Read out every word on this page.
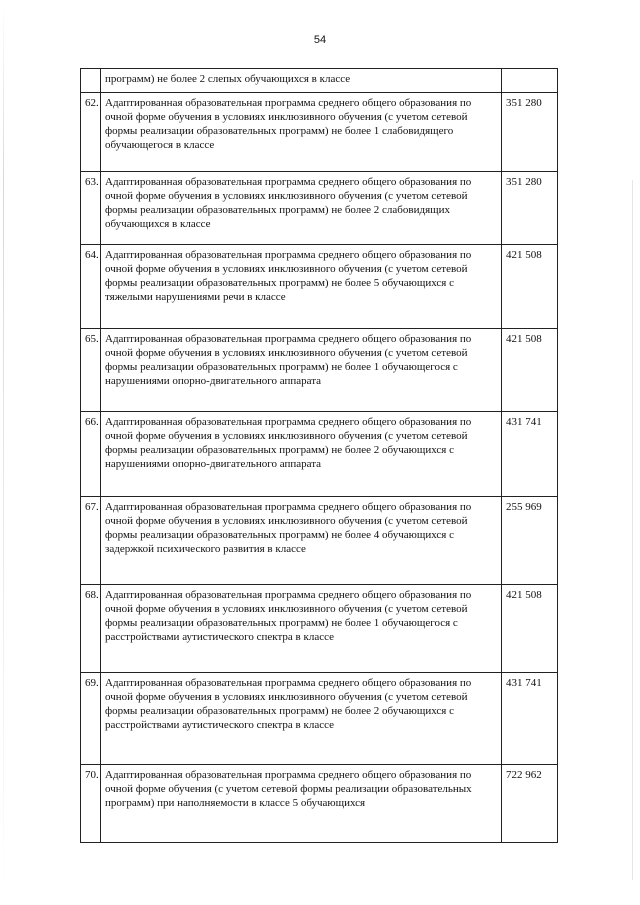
54
	программ) не более 2 слепых обучающихся в классе	
62.	Адаптированная образовательная программа среднего общего образования по очной форме обучения в условиях инклюзивного обучения (с учетом сетевой формы реализации образовательных программ) не более 1 слабовидящего обучающегося в классе	351 280
63.	Адаптированная образовательная программа среднего общего образования по очной форме обучения в условиях инклюзивного обучения (с учетом сетевой формы реализации образовательных программ) не более 2 слабовидящих обучающихся в классе	351 280
64.	Адаптированная образовательная программа среднего общего образования по очной форме обучения в условиях инклюзивного обучения (с учетом сетевой формы реализации образовательных программ) не более 5 обучающихся с тяжелыми нарушениями речи в классе	421 508
65.	Адаптированная образовательная программа среднего общего образования по очной форме обучения в условиях инклюзивного обучения (с учетом сетевой формы реализации образовательных программ) не более 1 обучающегося с нарушениями опорно-двигательного аппарата	421 508
66.	Адаптированная образовательная программа среднего общего образования по очной форме обучения в условиях инклюзивного обучения (с учетом сетевой формы реализации образовательных программ) не более 2 обучающихся с нарушениями опорно-двигательного аппарата	431 741
67.	Адаптированная образовательная программа среднего общего образования по очной форме обучения в условиях инклюзивного обучения (с учетом сетевой формы реализации образовательных программ) не более 4 обучающихся с задержкой психического развития в классе	255 969
68.	Адаптированная образовательная программа среднего общего образования по очной форме обучения в условиях инклюзивного обучения (с учетом сетевой формы реализации образовательных программ) не более 1 обучающегося с расстройствами аутистического спектра в классе	421 508
69.	Адаптированная образовательная программа среднего общего образования по очной форме обучения в условиях инклюзивного обучения (с учетом сетевой формы реализации образовательных программ) не более 2 обучающихся с расстройствами аутистического спектра в классе	431 741
70.	Адаптированная образовательная программа среднего общего образования по очной форме обучения (с учетом сетевой формы реализации образовательных программ) при наполняемости в классе 5 обучающихся	722 962
